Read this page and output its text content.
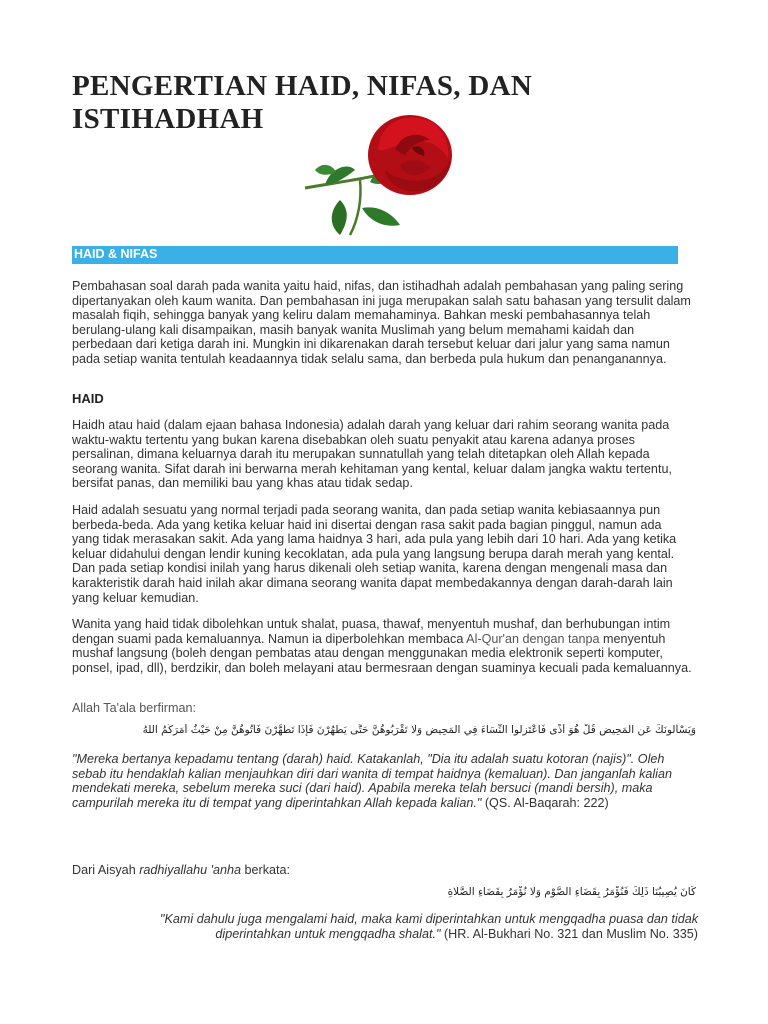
PENGERTIAN HAID, NIFAS, DAN ISTIHADHAH
HAID & NIFAS

Pembahasan soal darah pada wanita yaitu haid, nifas, dan istihadhah adalah pembahasan yang paling sering dipertanyakan oleh kaum wanita. Dan pembahasan ini juga merupakan salah satu bahasan yang tersulit dalam masalah fiqih, sehingga banyak yang keliru dalam memahaminya. Bahkan meski pembahasannya telah berulang-ulang kali disampaikan, masih banyak wanita Muslimah yang belum memahami kaidah dan perbedaan dari ketiga darah ini. Mungkin ini dikarenakan darah tersebut keluar dari jalur yang sama namun pada setiap wanita tentulah keadaannya tidak selalu sama, dan berbeda pula hukum dan penanganannya.

HAID

Haidh atau haid (dalam ejaan bahasa Indonesia) adalah darah yang keluar dari rahim seorang wanita pada waktu-waktu tertentu yang bukan karena disebabkan oleh suatu penyakit atau karena adanya proses persalinan, dimana keluarnya darah itu merupakan sunnatullah yang telah ditetapkan oleh Allah kepada seorang wanita. Sifat darah ini berwarna merah kehitaman yang kental, keluar dalam jangka waktu tertentu, bersifat panas, dan memiliki bau yang khas atau tidak sedap.

Haid adalah sesuatu yang normal terjadi pada seorang wanita, dan pada setiap wanita kebiasaannya pun berbeda-beda. Ada yang ketika keluar haid ini disertai dengan rasa sakit pada bagian pinggul, namun ada yang tidak merasakan sakit. Ada yang lama haidnya 3 hari, ada pula yang lebih dari 10 hari. Ada yang ketika keluar didahului dengan lendir kuning kecoklatan, ada pula yang langsung berupa darah merah yang kental. Dan pada setiap kondisi inilah yang harus dikenali oleh setiap wanita, karena dengan mengenali masa dan karakteristik darah haid inilah akar dimana seorang wanita dapat membedakannya dengan darah-darah lain yang keluar kemudian.

Wanita yang haid tidak dibolehkan untuk shalat, puasa, thawaf, menyentuh mushaf, dan berhubungan intim dengan suami pada kemaluannya. Namun ia diperbolehkan membaca Al-Qur'an dengan tanpa menyentuh mushaf langsung (boleh dengan pembatas atau dengan menggunakan media elektronik seperti komputer, ponsel, ipad, dll), berdzikir, dan boleh melayani atau bermesraan dengan suaminya kecuali pada kemaluannya.

Allah Ta'ala berfirman:
وَيَسْأَلُونَكَ عَنِ الْمَحِيضِ قُلْ هُوَ أَذًى فَاعْتَزِلُوا النِّسَاءَ فِي الْمَحِيضِ وَلَا تَقْرَبُوهُنَّ حَتَّى يَطْهُرْنَ فَإِذَا تَطَهَّرْنَ فَأْتُوهُنَّ مِنْ حَيْثُ أَمَرَكُمُ اللَّهُ

"Mereka bertanya kepadamu tentang (darah) haid. Katakanlah, "Dia itu adalah suatu kotoran (najis)". Oleh sebab itu hendaklah kalian menjauhkan diri dari wanita di tempat haidnya (kemaluan). Dan janganlah kalian mendekati mereka, sebelum mereka suci (dari haid). Apabila mereka telah bersuci (mandi bersih), maka campurilah mereka itu di tempat yang diperintahkan Allah kepada kalian." (QS. Al-Baqarah: 222)

Dari Aisyah radhiyallahu 'anha berkata:

كَانَ يُصِيبُنَا ذَلِكَ فَنُؤْمَرُ بِقَضَاءِ الصَّوْمِ وَلَا نُؤْمَرُ بِقَضَاءِ الصَّلَاةِ

"Kami dahulu juga mengalami haid, maka kami diperintahkan untuk mengqadha puasa dan tidak diperintahkan untuk mengqadha shalat." (HR. Al-Bukhari No. 321 dan Muslim No. 335)
